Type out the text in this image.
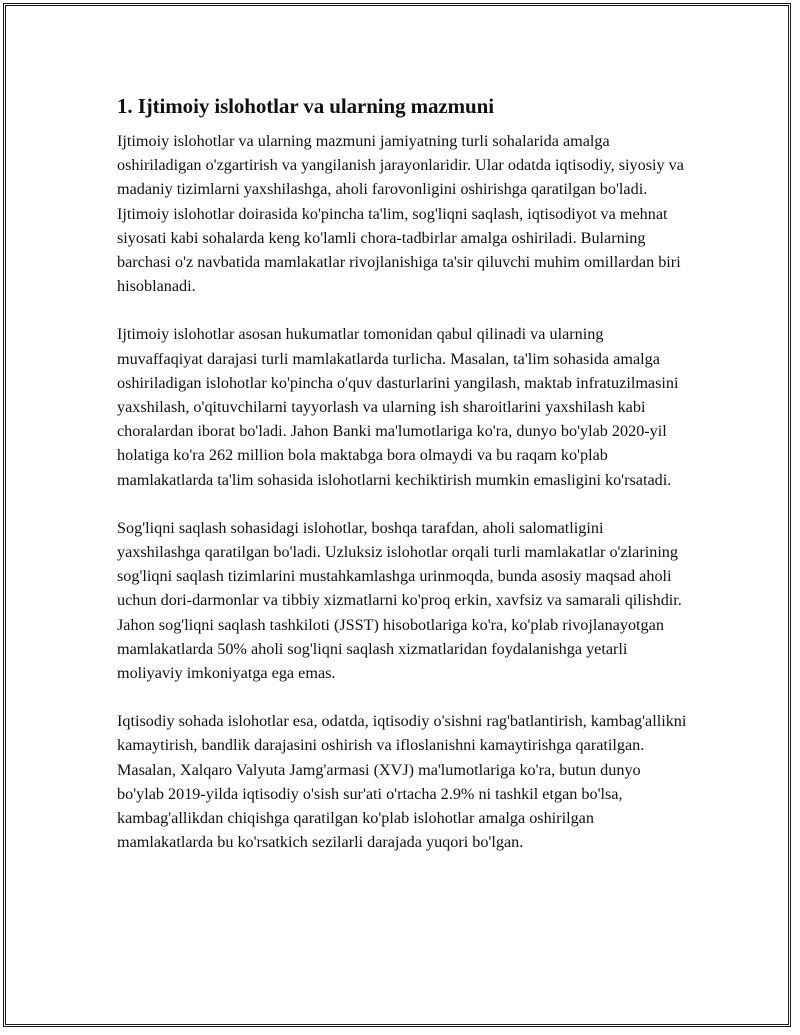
1. Ijtimoiy islohotlar va ularning mazmuni

Ijtimoiy islohotlar va ularning mazmuni jamiyatning turli sohalarida amalga oshiriladigan o'zgartirish va yangilanish jarayonlaridir. Ular odatda iqtisodiy, siyosiy va madaniy tizimlarni yaxshilashga, aholi farovonligini oshirishga qaratilgan bo'ladi. Ijtimoiy islohotlar doirasida ko'pincha ta'lim, sog'liqni saqlash, iqtisodiyot va mehnat siyosati kabi sohalarda keng ko'lamli chora-tadbirlar amalga oshiriladi. Bularning barchasi o'z navbatida mamlakatlar rivojlanishiga ta'sir qiluvchi muhim omillardan biri hisoblanadi.

Ijtimoiy islohotlar asosan hukumatlar tomonidan qabul qilinadi va ularning muvaffaqiyat darajasi turli mamlakatlarda turlicha. Masalan, ta'lim sohasida amalga oshiriladigan islohotlar ko'pincha o'quv dasturlarini yangilash, maktab infratuzilmasini yaxshilash, o'qituvchilarni tayyorlash va ularning ish sharoitlarini yaxshilash kabi choralardan iborat bo'ladi. Jahon Banki ma'lumotlariga ko'ra, dunyo bo'ylab 2020-yil holatiga ko'ra 262 million bola maktabga bora olmaydi va bu raqam ko'plab mamlakatlarda ta'lim sohasida islohotlarni kechiktirish mumkin emasligini ko'rsatadi.

Sog'liqni saqlash sohasidagi islohotlar, boshqa tarafdan, aholi salomatligini yaxshilashga qaratilgan bo'ladi. Uzluksiz islohotlar orqali turli mamlakatlar o'zlarining sog'liqni saqlash tizimlarini mustahkamlashga urinmoqda, bunda asosiy maqsad aholi uchun dori-darmonlar va tibbiy xizmatlarni ko'proq erkin, xavfsiz va samarali qilishdir. Jahon sog'liqni saqlash tashkiloti (JSST) hisobotlariga ko'ra, ko'plab rivojlanayotgan mamlakatlarda 50% aholi sog'liqni saqlash xizmatlaridan foydalanishga yetarli moliyaviy imkoniyatga ega emas.

Iqtisodiy sohada islohotlar esa, odatda, iqtisodiy o'sishni rag'batlantirish, kambag'allikni kamaytirish, bandlik darajasini oshirish va ifloslanishni kamaytirishga qaratilgan. Masalan, Xalqaro Valyuta Jamg'armasi (XVJ) ma'lumotlariga ko'ra, butun dunyo bo'ylab 2019-yilda iqtisodiy o'sish sur'ati o'rtacha 2.9% ni tashkil etgan bo'lsa, kambag'allikdan chiqishga qaratilgan ko'plab islohotlar amalga oshirilgan mamlakatlarda bu ko'rsatkich sezilarli darajada yuqori bo'lgan.
